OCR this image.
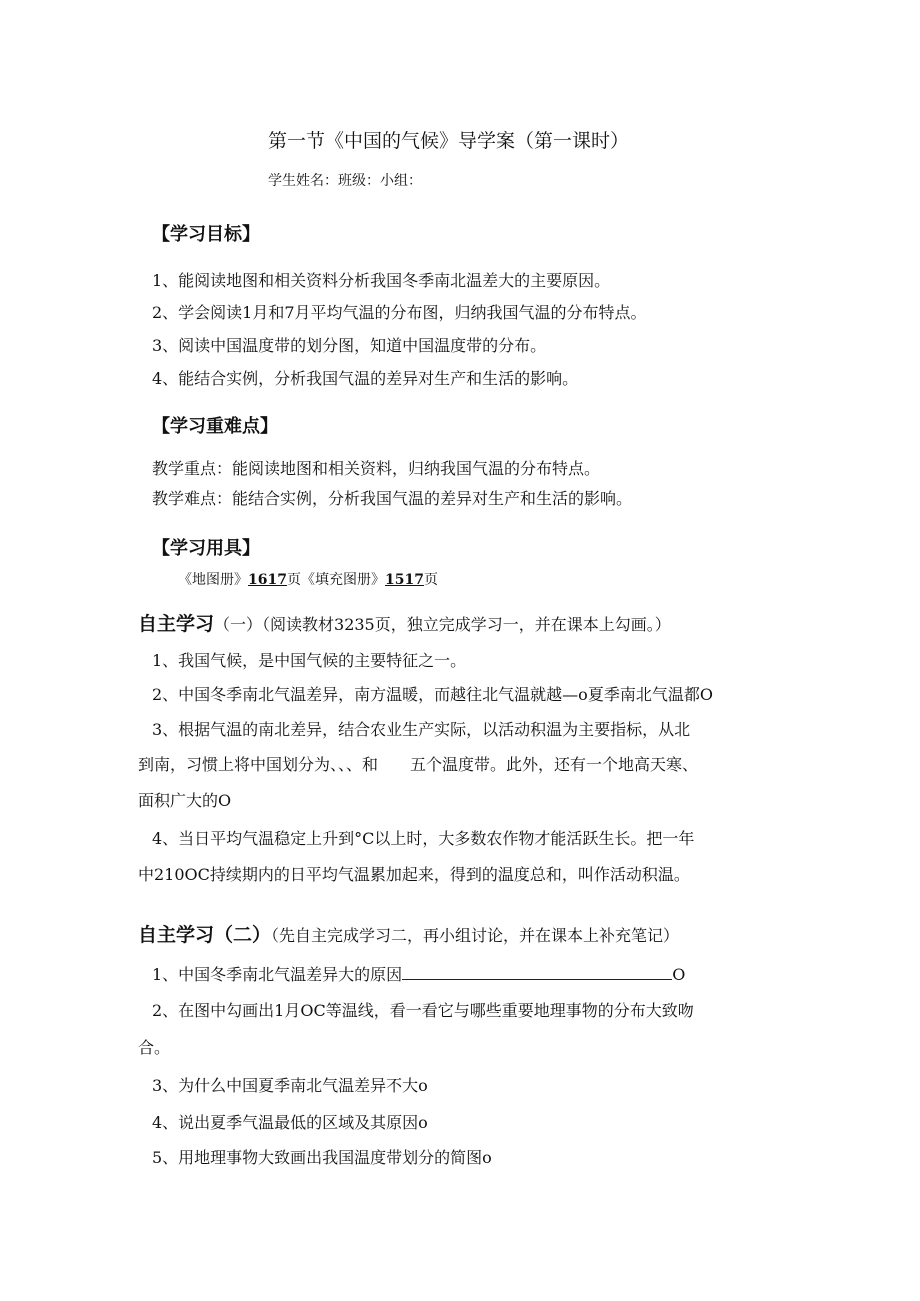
第一节《中国的气候》导学案（第一课时）
学生姓名：班级：小组：
【学习目标】
1、能阅读地图和相关资料分析我国冬季南北温差大的主要原因。
2、学会阅读1月和7月平均气温的分布图，归纳我国气温的分布特点。
3、阅读中国温度带的划分图，知道中国温度带的分布。
4、能结合实例，分析我国气温的差异对生产和生活的影响。
【学习重难点】
教学重点：能阅读地图和相关资料，归纳我国气温的分布特点。
教学难点：能结合实例，分析我国气温的差异对生产和生活的影响。
【学习用具】
《地图册》1617页《填充图册》1517页
自主学习（一）（阅读教材3235页，独立完成学习一，并在课本上勾画。）
1、我国气候，是中国气候的主要特征之一。
2、中国冬季南北气温差异，南方温暖，而越往北气温就越—o夏季南北气温都O
3、根据气温的南北差异，结合农业生产实际，以活动积温为主要指标，从北
到南，习惯上将中国划分为、、、和　　五个温度带。此外，还有一个地高天寒、
面积广大的O
4、当日平均气温稳定上升到°C以上时，大多数农作物才能活跃生长。把一年
中210OC持续期内的日平均气温累加起来，得到的温度总和，叫作活动积温。
自主学习（二）（先自主完成学习二，再小组讨论，并在课本上补充笔记）
1、中国冬季南北气温差异大的原因	O
2、在图中勾画出1月OC等温线，看一看它与哪些重要地理事物的分布大致吻
合。
3、为什么中国夏季南北气温差异不大o
4、说出夏季气温最低的区域及其原因o
5、用地理事物大致画出我国温度带划分的简图o
